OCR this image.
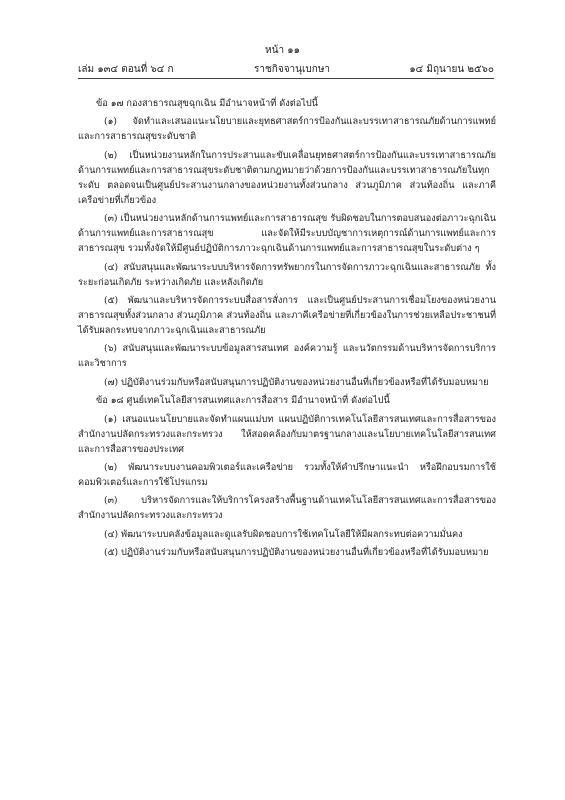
หน้า ๑๑
เล่ม ๑๓๔ ตอนที่ ๖๔ ก	ราชกิจจานุเบกษา	๑๔ มิถุนายน ๒๕๖๐

ข้อ ๑๗ กองสาธารณสุขฉุกเฉิน มีอำนาจหน้าที่ ดังต่อไปนี้

(๑) จัดทำและเสนอแนะนโยบายและยุทธศาสตร์การป้องกันและบรรเทาสาธารณภัยด้านการแพทย์และการสาธารณสุขระดับชาติ

(๒) เป็นหน่วยงานหลักในการประสานและขับเคลื่อนยุทธศาสตร์การป้องกันและบรรเทาสาธารณภัยด้านการแพทย์และการสาธารณสุขระดับชาติตามกฎหมายว่าด้วยการป้องกันและบรรเทาสาธารณภัยในทุกระดับ ตลอดจนเป็นศูนย์ประสานงานกลางของหน่วยงานทั้งส่วนกลาง ส่วนภูมิภาค ส่วนท้องถิ่น และภาคีเครือข่ายที่เกี่ยวข้อง

(๓) เป็นหน่วยงานหลักด้านการแพทย์และการสาธารณสุข รับผิดชอบในการตอบสนองต่อภาวะฉุกเฉินด้านการแพทย์และการสาธารณสุข และจัดให้มีระบบบัญชาการเหตุการณ์ด้านการแพทย์และการสาธารณสุข รวมทั้งจัดให้มีศูนย์ปฏิบัติการภาวะฉุกเฉินด้านการแพทย์และการสาธารณสุขในระดับต่าง ๆ

(๔) สนับสนุนและพัฒนาระบบบริหารจัดการทรัพยากรในการจัดการภาวะฉุกเฉินและสาธารณภัย ทั้งระยะก่อนเกิดภัย ระหว่างเกิดภัย และหลังเกิดภัย

(๕) พัฒนาและบริหารจัดการระบบสื่อสารสั่งการ และเป็นศูนย์ประสานการเชื่อมโยงของหน่วยงานสาธารณสุขทั้งส่วนกลาง ส่วนภูมิภาค ส่วนท้องถิ่น และภาคีเครือข่ายที่เกี่ยวข้องในการช่วยเหลือประชาชนที่ได้รับผลกระทบจากภาวะฉุกเฉินและสาธารณภัย

(๖) สนับสนุนและพัฒนาระบบข้อมูลสารสนเทศ องค์ความรู้ และนวัตกรรมด้านบริหารจัดการบริการ และวิชาการ

(๗) ปฏิบัติงานร่วมกับหรือสนับสนุนการปฏิบัติงานของหน่วยงานอื่นที่เกี่ยวข้องหรือที่ได้รับมอบหมาย

ข้อ ๑๘ ศูนย์เทคโนโลยีสารสนเทศและการสื่อสาร มีอำนาจหน้าที่ ดังต่อไปนี้

(๑) เสนอแนะนโยบายและจัดทำแผนแม่บท แผนปฏิบัติการเทคโนโลยีสารสนเทศและการสื่อสารของสำนักงานปลัดกระทรวงและกระทรวง ให้สอดคล้องกับมาตรฐานกลางและนโยบายเทคโนโลยีสารสนเทศและการสื่อสารของประเทศ

(๒) พัฒนาระบบงานคอมพิวเตอร์และเครือข่าย รวมทั้งให้คำปรึกษาแนะนำ หรือฝึกอบรมการใช้คอมพิวเตอร์และการใช้โปรแกรม

(๓) บริหารจัดการและให้บริการโครงสร้างพื้นฐานด้านเทคโนโลยีสารสนเทศและการสื่อสารของสำนักงานปลัดกระทรวงและกระทรวง

(๔) พัฒนาระบบคลังข้อมูลและดูแลรับผิดชอบการใช้เทคโนโลยีให้มีผลกระทบต่อความมั่นคง

(๕) ปฏิบัติงานร่วมกับหรือสนับสนุนการปฏิบัติงานของหน่วยงานอื่นที่เกี่ยวข้องหรือที่ได้รับมอบหมาย
